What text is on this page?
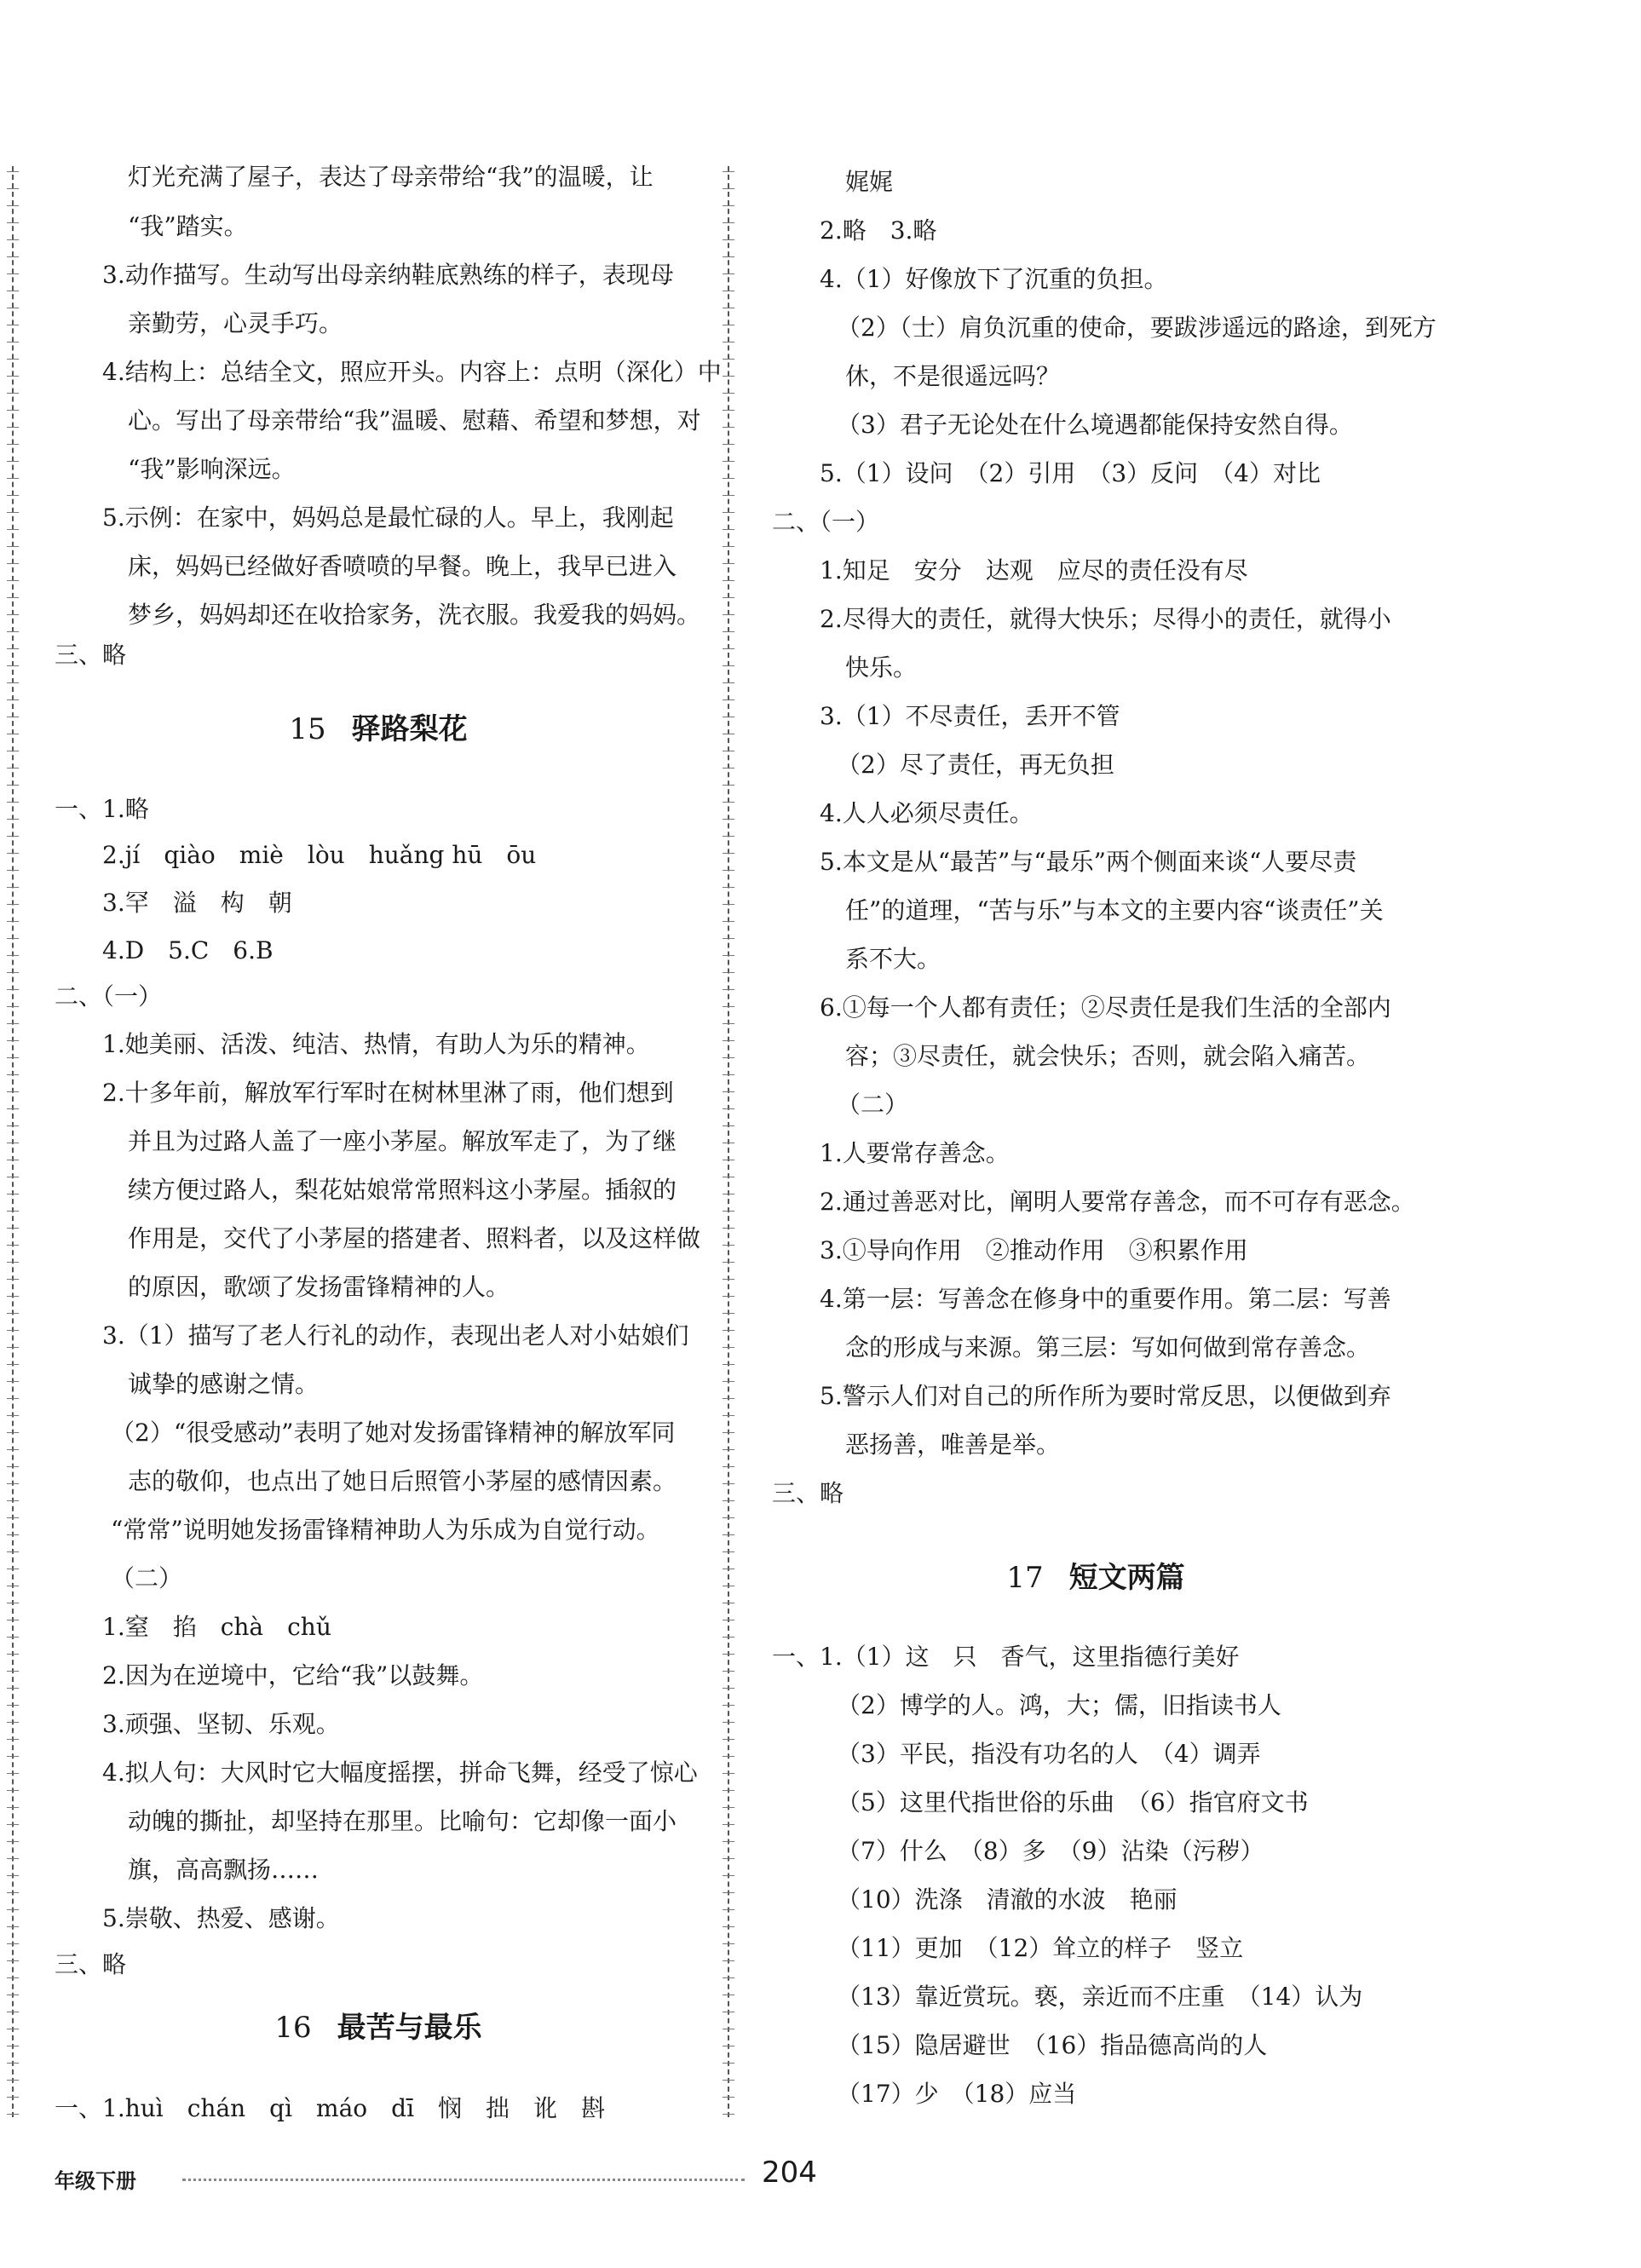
灯光充满了屋子，表达了母亲带给“我”的温暖，让
“我”踏实。
3.动作描写。生动写出母亲纳鞋底熟练的样子，表现母
亲勤劳，心灵手巧。
4.结构上：总结全文，照应开头。内容上：点明（深化）中
心。写出了母亲带给“我”温暖、慰藉、希望和梦想，对
“我”影响深远。
5.示例：在家中，妈妈总是最忙碌的人。早上，我刚起
床，妈妈已经做好香喷喷的早餐。晚上，我早已进入
梦乡，妈妈却还在收拾家务，洗衣服。我爱我的妈妈。
三、略
15 驿路梨花
一、1.略
2.jí　qiào　miè　lòu　huǎng hū　ōu
3.罕　溢　构　朝
4.D　5.C　6.B
二、（一）
1.她美丽、活泼、纯洁、热情，有助人为乐的精神。
2.十多年前，解放军行军时在树林里淋了雨，他们想到
并且为过路人盖了一座小茅屋。解放军走了，为了继
续方便过路人，梨花姑娘常常照料这小茅屋。插叙的
作用是，交代了小茅屋的搭建者、照料者，以及这样做
的原因，歌颂了发扬雷锋精神的人。
3.（1）描写了老人行礼的动作，表现出老人对小姑娘们
诚挚的感谢之情。
（2）“很受感动”表明了她对发扬雷锋精神的解放军同
志的敬仰，也点出了她日后照管小茅屋的感情因素。
“常常”说明她发扬雷锋精神助人为乐成为自觉行动。
（二）
1.窒　掐　chà　chǔ
2.因为在逆境中，它给“我”以鼓舞。
3.顽强、坚韧、乐观。
4.拟人句：大风时它大幅度摇摆，拼命飞舞，经受了惊心
动魄的撕扯，却坚持在那里。比喻句：它却像一面小
旗，高高飘扬……
5.崇敬、热爱、感谢。
三、略
16 最苦与最乐
一、1.huì　chán　qì　máo　dī　悯　拙　讹　斟
年级下册	204
娓娓
2.略　3.略
4.（1）好像放下了沉重的负担。
（2）（士）肩负沉重的使命，要跋涉遥远的路途，到死方
休，不是很遥远吗？
（3）君子无论处在什么境遇都能保持安然自得。
5.（1）设问　（2）引用　（3）反问　（4）对比
二、（一）
1.知足　安分　达观　应尽的责任没有尽
2.尽得大的责任，就得大快乐；尽得小的责任，就得小
快乐。
3.（1）不尽责任，丢开不管
（2）尽了责任，再无负担
4.人人必须尽责任。
5.本文是从“最苦”与“最乐”两个侧面来谈“人要尽责
任”的道理，“苦与乐”与本文的主要内容“谈责任”关
系不大。
6.①每一个人都有责任；②尽责任是我们生活的全部内
容；③尽责任，就会快乐；否则，就会陷入痛苦。
（二）
1.人要常存善念。
2.通过善恶对比，阐明人要常存善念，而不可存有恶念。
3.①导向作用　②推动作用　③积累作用
4.第一层：写善念在修身中的重要作用。第二层：写善
念的形成与来源。第三层：写如何做到常存善念。
5.警示人们对自己的所作所为要时常反思，以便做到弃
恶扬善，唯善是举。
三、略
17 短文两篇
一、1.（1）这　只　香气，这里指德行美好
（2）博学的人。鸿，大；儒，旧指读书人
（3）平民，指没有功名的人　（4）调弄
（5）这里代指世俗的乐曲　（6）指官府文书
（7）什么　（8）多　（9）沾染（污秽）
（10）洗涤　清澈的水波　艳丽
（11）更加　（12）耸立的样子　竖立
（13）靠近赏玩。亵，亲近而不庄重　（14）认为
（15）隐居避世　（16）指品德高尚的人
（17）少　（18）应当
